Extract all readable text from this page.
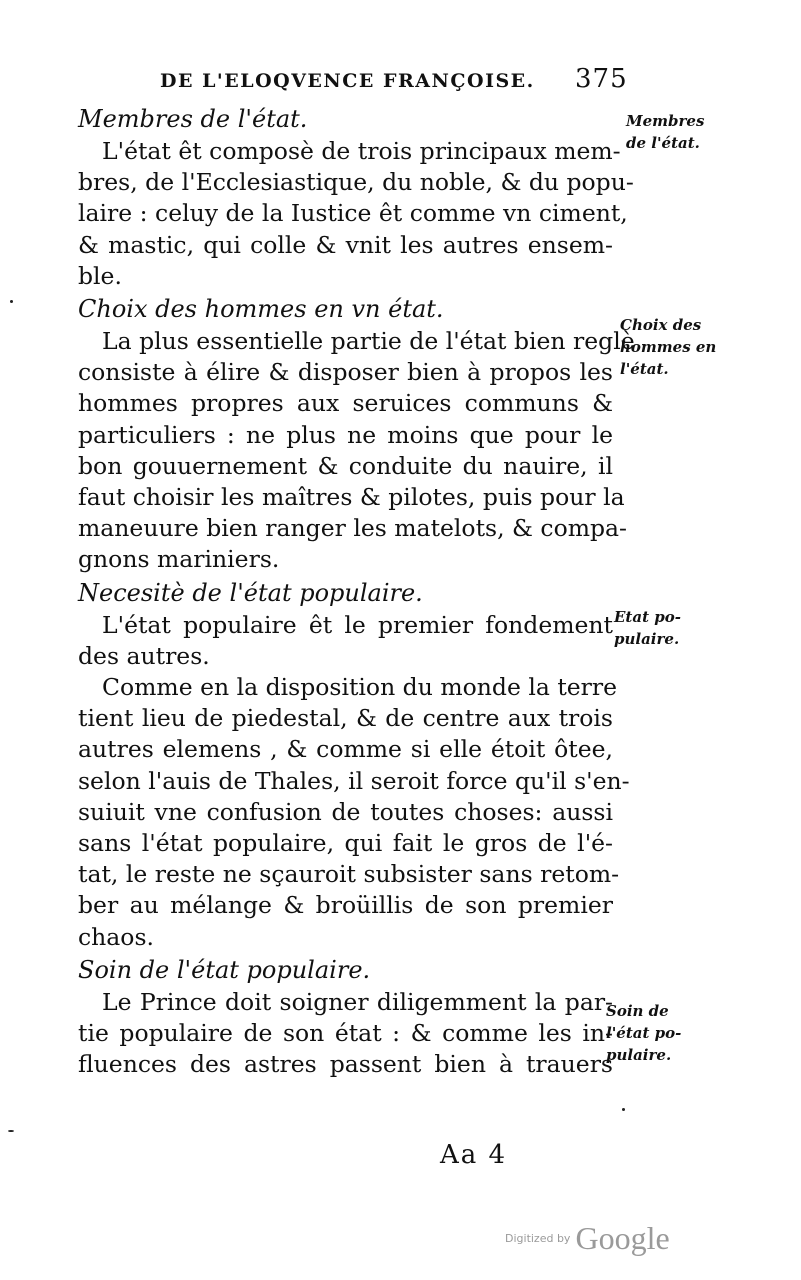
DE L'ELOQVENCE FRANÇOISE. 375

Membres de l'état.

L'état êt composè de trois principaux mem-

bres, de l'Ecclesiastique, du noble, & du popu-

laire : celuy de la Iustice êt comme vn ciment,

& mastic, qui colle & vnit les autres ensem-

ble.

Choix des hommes en vn état.

La plus essentielle partie de l'état bien reglè

consiste à élire & disposer bien à propos les

hommes propres aux seruices communs &

particuliers : ne plus ne moins que pour le

bon gouuernement & conduite du nauire, il

faut choisir les maîtres & pilotes, puis pour la

maneuure bien ranger les matelots, & compa-

gnons mariniers.

Necesitè de l'état populaire.

L'état populaire êt le premier fondement

des autres.

Comme en la disposition du monde la terre

tient lieu de piedestal, & de centre aux trois

autres elemens , & comme si elle étoit ôtee,

selon l'auis de Thales, il seroit force qu'il s'en-

suiuit vne confusion de toutes choses: aussi

sans l'état populaire, qui fait le gros de l'é-

tat, le reste ne sçauroit subsister sans retom-

ber au mélange & broüillis de son premier

chaos.

Soin de l'état populaire.

Le Prince doit soigner diligemment la par-

tie populaire de son état : & comme les in-

fluences des astres passent bien à trauers

Membres
de l'état.
Choix des
hommes en
l'état.
Etat po-
pulaire.
Soin de
l'état po-
pulaire.
Aa 4
Digitized by Google
